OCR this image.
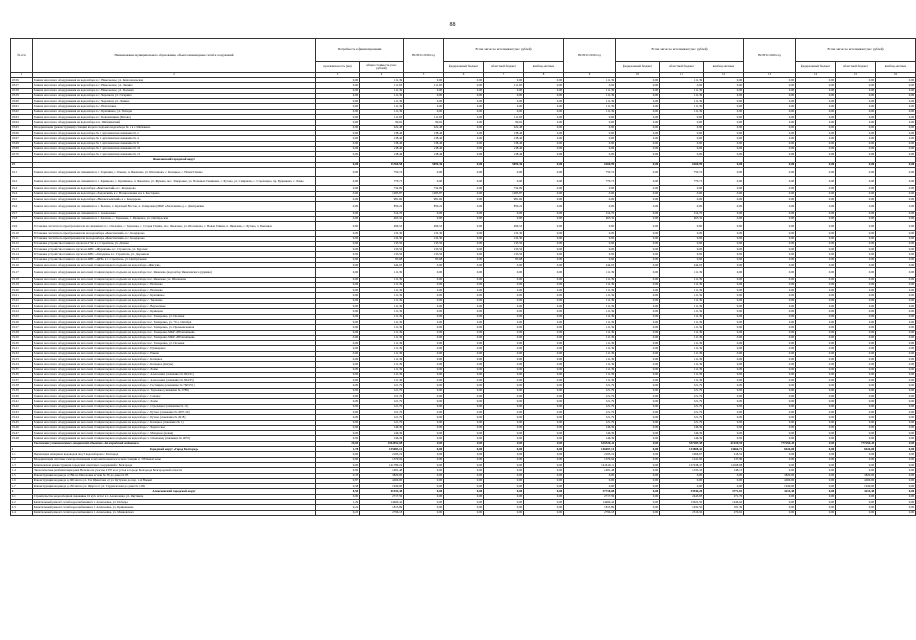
88
№ п/п	Наименование муниципального образования, объекта инженерных сетей и сооружений	Потребность в финансировании		ВСЕГО 2018 год	В том числе по источникам (тыс. рублей)			ВСЕГО 2019 год	В том числе по источникам (тыс. рублей)			ВСЕГО 2020 год	В том числе по источникам (тыс. рублей)		
		протяжён-ность (км)	общая стоимость (тыс. рублей)		федеральный бюджет	областной бюджет	внебюд-жетные		федеральный бюджет	областной бюджет	внебюд-жетные		федеральный бюджет	областной бюджет	внебюд-жетные
1	2	3	4	5	6	7	8	9	10	11	12	13	14	15	16
18.56	Замена насосного оборудования на водозаборе в с. Никольское, ул. Комсомольская	0,00	111,39	0,00	0,00	0,00	0,00	111,39	0,00	111,39	0,00	0,00	0,00	0,00	0,00
18.57	Замена насосного оборудования на водозаборе в с. Никольское, ул. Ленина	0,00	111,83	111,83	0,00	111,83	0,00	0,00	0,00	0,00	0,00	0,00	0,00	0,00	0,00
18.58	Замена насосного оборудования на водозаборе в с. Никольское, ул. Полевая	0,00	111,39	0,00	0,00	0,00	0,00	111,39	0,00	111,39	0,00	0,00	0,00	0,00	0,00
18.59	Замена насосного оборудования на водозаборе в с. Черемош, ул. Гагарина	0,00	111,39	0,00	0,00	0,00	0,00	111,39	0,00	111,39	0,00	0,00	0,00	0,00	0,00
18.60	Замена насосного оборудования на водозаборе в с. Черемош, ул. Ленина	0,00	111,39	0,00	0,00	0,00	0,00	111,39	0,00	111,39	0,00	0,00	0,00	0,00	0,00
18.61	Замена насосного оборудования на водозаборе в с. Нехотеевка	0,00	111,39	0,00	0,00	0,00	0,00	111,39	0,00	111,39	0,00	0,00	0,00	0,00	0,00
18.62	Замена насосного оборудования на водозаборе в с. Крапивное, ул. Победы	0,00	111,39	0,00	0,00	0,00	0,00	111,39	0,00	111,39	0,00	0,00	0,00	0,00	0,00
18.63	Замена насосного оборудования на водозаборе в с. Ковалевщина (Батово)	0,00	111,83	111,83	0,00	111,83	0,00	0,00	0,00	0,00	0,00	0,00	0,00	0,00	0,00
18.64	Замена насосного оборудования на водозаборе в п. Шебекинский	0,00	99,02	99,02	0,00	99,02	0,00	0,00	0,00	0,00	0,00	0,00	0,00	0,00	0,00
18.65	Модернизация (реконструкция) станции второго подъема водозабора № 1 в г. Шебекино	0,00	222,48	222,48	0,00	222,48	0,00	0,00	0,00	0,00	0,00	0,00	0,00	0,00	0,00
18.66	Замена насосного оборудования на водозаборе № 1 артезианская скважина № 2	0,00	138,46	138,46	0,00	138,46	0,00	0,00	0,00	0,00	0,00	0,00	0,00	0,00	0,00
18.67	Замена насосного оборудования на водозаборе № 1 артезианская скважина № 4	0,00	138,46	138,46	0,00	138,46	0,00	0,00	0,00	0,00	0,00	0,00	0,00	0,00	0,00
18.68	Замена насосного оборудования на водозаборе № 1 артезианская скважина № 8	0,00	138,46	138,46	0,00	138,46	0,00	0,00	0,00	0,00	0,00	0,00	0,00	0,00	0,00
18.69	Замена насосного оборудования на водозаборе № 1 артезианская скважина № 10	0,00	138,46	138,46	0,00	138,46	0,00	0,00	0,00	0,00	0,00	0,00	0,00	0,00	0,00
18.70	Замена насосного оборудования на водозаборе № 1 артезианская скважина № 12	0,00	138,46	138,46	0,00	138,46	0,00	0,00	0,00	0,00	0,00	0,00	0,00	0,00	0,00
	Яковлевский городской округ														
19		0,00	11360,58	5099,36	0,00	5099,36	0,00	6260,99	0,00	6260,99	0,00	0,00	0,00	0,00	0,00
19.1	Замена насосного оборудования на скважинах в с. Терновка, с. Раково, п. Яковлево, ул. Шалашова, с. Казацкое, с. Новая Глинка	0,00	750,74	0,00	0,00	0,00	0,00	750,74	0,00	750,74	0,00	0,00	0,00	0,00	0,00
19.2	Замена насосного оборудования на скважинах в с. Кривцово, с. Крапивное, п. Яковлево, ул. Жукова, пос. Томаровка, ул. Поповых-Тенишева, с. Бутово, ул. Смирнова, с. Стрелецкое, пр. Будникова, с. Ломы	0,00	770,73	0,00	0,00	0,00	0,00	770,73	0,00	770,73	0,00	0,00	0,00	0,00	0,00
19.3	Замена насосного оборудования на водозаборе «Бекетовский» в с. Кондарово	0,00	734,09	734,09	0,00	734,09	0,00	0,00	0,00	0,00	0,00	0,00	0,00	0,00	0,00
19.4	Замена насосного оборудования на водозаборе «Задонский» в с. Вознесеновка и в х. Костарево	0,00	1285,87	1285,87	0,00	1285,87	0,00	0,00	0,00	0,00	0,00	0,00	0,00	0,00	0,00
19.5	Замена насосного оборудования на водозаборе «Непонасьевский» в с. Кондарово	0,00	981,69	981,69	0,00	981,69	0,00	0,00	0,00	0,00	0,00	0,00	0,00	0,00	0,00
19.6	Замена насосного оборудования на скважинах в с. Быхань, х. Красный Восток, п. Томаровка (МКР «Лисичкино»), с. Дмитриевка	0,00	850,22	850,22	0,00	850,22	0,00	0,00	0,00	0,00	0,00	0,00	0,00	0,00	0,00
19.7	Замена насосного оборудования на скважинах в с. Алексеевка	0,00	314,70	0,00	0,00	0,00	0,00	314,70	0,00	314,70	0,00	0,00	0,00	0,00	0,00
19.8	Замена насосного оборудования на скважинах в с. Казачек, с. Терновые, с. Мощеное, ул. Октябрьская	0,00	463,32	0,00	0,00	0,00	0,00	463,32	0,00	463,32	0,00	0,00	0,00	0,00	0,00
19.9	Установка частотного преобразователя на скважинах в с. Ольховка, с. Терновка, с. Старая Глинка, пос. Яковлево, ул. Шалашова, с. Новая Глинка, п. Яковлево, с. Бутово, х. Быханьи	0,00	496,53	496,53	0,00	496,53	0,00	0,00	0,00	0,00	0,00	0,00	0,00	0,00	0,00
19.10	Установка частотного преобразователя на водозаборе «Бекетовский» в с. Кондарово	0,00	132,30	132,30	0,00	132,30	0,00	0,00	0,00	0,00	0,00	0,00	0,00	0,00	0,00
19.11	Установка частотного преобразователя на водозаборе «Бекетовский» в с. Кондарово	0,00	132,30	132,30	0,00	132,30	0,00	0,00	0,00	0,00	0,00	0,00	0,00	0,00	0,00
19.12	Установка устройства плавного пуска на ГЭС в г. Строитель, ул. Дачная	0,00	133,56	133,56	0,00	133,56	0,00	0,00	0,00	0,00	0,00	0,00	0,00	0,00	0,00
19.13	Установка устройства плавного пуска на КНС «Журавлик» в г. Строитель, ул. Курская	0,00	133,56	133,56	0,00	133,56	0,00	0,00	0,00	0,00	0,00	0,00	0,00	0,00	0,00
19.14	Установка устройства плавного пуска на КНС «Западная» в г. Строитель, ул. Дорожная	0,00	133,56	133,56	0,00	133,56	0,00	0,00	0,00	0,00	0,00	0,00	0,00	0,00	0,00
19.15	Установка устройства плавного пуска на КНС «ЦРБ» в г. Строитель, ул. Центральная	0,00	85,68	85,68	0,00	85,68	0,00	0,00	0,00	0,00	0,00	0,00	0,00	0,00	0,00
19.16	Замена насосного оборудования на насосной станции первого подъема на водозаборе «Жигули»	0,00	244,03	0,00	0,00	0,00	0,00	244,03	0,00	244,03	0,00	0,00	0,00	0,00	0,00
19.17	Замена насосного оборудования на насосной станции первого подъема на водозаборе пос. Яковлево (водозабор Яковлевского рудника)	0,00	111,39	0,00	0,00	0,00	0,00	111,39	0,00	111,39	0,00	0,00	0,00	0,00	0,00
19.18	Замена насосного оборудования на насосной станции первого подъема на водозаборе пос. Яковлево, ул. Шалашова	0,00	111,39	0,00	0,00	0,00	0,00	111,39	0,00	111,39	0,00	0,00	0,00	0,00	0,00
19.19	Замена насосного оборудования на насосной станции первого подъема на водозаборе с. Непхаево	0,00	111,39	0,00	0,00	0,00	0,00	111,39	0,00	111,39	0,00	0,00	0,00	0,00	0,00
19.20	Замена насосного оборудования на насосной станции первого подъема на водозаборе с. Непхаево	0,00	111,39	0,00	0,00	0,00	0,00	111,39	0,00	111,39	0,00	0,00	0,00	0,00	0,00
19.21	Замена насосного оборудования на насосной станции первого подъема на водозаборе с. Крапивное	0,00	111,39	0,00	0,00	0,00	0,00	111,39	0,00	111,39	0,00	0,00	0,00	0,00	0,00
19.22	Замена насосного оборудования на насосной станции первого подъема на водозаборе с. Терновка	0,00	111,39	0,00	0,00	0,00	0,00	111,39	0,00	111,39	0,00	0,00	0,00	0,00	0,00
19.23	Замена насосного оборудования на насосной станции первого подъема на водозаборе с. Верхопенье	0,00	111,39	0,00	0,00	0,00	0,00	111,39	0,00	111,39	0,00	0,00	0,00	0,00	0,00
19.24	Замена насосного оборудования на насосной станции первого подъема на водозаборе с. Кривцово	0,00	111,39	0,00	0,00	0,00	0,00	111,39	0,00	111,39	0,00	0,00	0,00	0,00	0,00
19.25	Замена насосного оборудования на насосной станции первого подъема на водозаборе пос. Томаровка, ул. Полевая	0,00	111,39	0,00	0,00	0,00	0,00	111,39	0,00	111,39	0,00	0,00	0,00	0,00	0,00
19.26	Замена насосного оборудования на насосной станции первого подъема на водозаборе пос. Томаровка, ул. 70 л. Октября	0,00	111,39	0,00	0,00	0,00	0,00	111,39	0,00	111,39	0,00	0,00	0,00	0,00	0,00
19.27	Замена насосного оборудования на насосной станции первого подъема на водозаборе пос. Томаровка, ул. Промышленная	0,00	111,39	0,00	0,00	0,00	0,00	111,39	0,00	111,39	0,00	0,00	0,00	0,00	0,00
19.28	Замена насосного оборудования на насосной станции первого подъема на водозаборе пос. Томаровка МКР «Юбилейный»	0,00	111,39	0,00	0,00	0,00	0,00	111,39	0,00	111,39	0,00	0,00	0,00	0,00	0,00
19.29	Замена насосного оборудования на насосной станции первого подъема на водозаборе пос. Томаровка МКР «Юбилейный»	0,00	111,39	0,00	0,00	0,00	0,00	111,39	0,00	111,39	0,00	0,00	0,00	0,00	0,00
19.30	Замена насосного оборудования на насосной станции первого подъема на водозаборе пос. Томаровка, ул. Полевая	0,00	111,39	0,00	0,00	0,00	0,00	111,39	0,00	111,39	0,00	0,00	0,00	0,00	0,00
19.31	Замена насосного оборудования на насосной станции первого подъема на водозаборе с. Пушкарное	0,00	111,39	0,00	0,00	0,00	0,00	111,39	0,00	111,39	0,00	0,00	0,00	0,00	0,00
19.32	Замена насосного оборудования на насосной станции первого подъема на водозаборе с. Раково	0,00	111,39	0,00	0,00	0,00	0,00	111,39	0,00	111,39	0,00	0,00	0,00	0,00	0,00
19.33	Замена насосного оборудования на насосной станции первого подъема на водозаборе с. Казацкое	0,00	111,39	0,00	0,00	0,00	0,00	111,39	0,00	111,39	0,00	0,00	0,00	0,00	0,00
19.34	Замена насосного оборудования на насосной станции первого подъема на водозаборе с. Казацкое (мегры)	0,00	111,39	0,00	0,00	0,00	0,00	111,39	0,00	111,39	0,00	0,00	0,00	0,00	0,00
19.35	Замена насосного оборудования на насосной станции первого подъема на водозаборе с. Ломы	0,00	111,39	0,00	0,00	0,00	0,00	111,39	0,00	111,39	0,00	0,00	0,00	0,00	0,00
19.36	Замена насосного оборудования на насосной станции первого подъема на водозаборе с. Алексеевка (скважина № 604/21)	0,00	111,39	0,00	0,00	0,00	0,00	111,39	0,00	111,39	0,00	0,00	0,00	0,00	0,00
19.37	Замена насосного оборудования на насосной станции первого подъема на водозаборе с. Алексеевка (скважина № 604/25)	0,00	111,39	0,00	0,00	0,00	0,00	111,39	0,00	111,39	0,00	0,00	0,00	0,00	0,00
19.38	Замена насосного оборудования на насосной станции первого подъема на водозаборе с. Гостищево (скважина № 7603/51)	0,00	121,79	0,00	0,00	0,00	0,00	121,79	0,00	121,79	0,00	0,00	0,00	0,00	0,00
19.39	Замена насосного оборудования на насосной станции первого подъема на водозаборе п. Терновка (скважина № 2788)	0,00	121,79	0,00	0,00	0,00	0,00	121,79	0,00	121,79	0,00	0,00	0,00	0,00	0,00
19.40	Замена насосного оборудования на насосной станции первого подъема на водозаборе с. Сажное	0,00	121,79	0,00	0,00	0,00	0,00	121,79	0,00	121,79	0,00	0,00	0,00	0,00	0,00
19.41	Замена насосного оборудования на насосной станции первого подъема на водозаборе с. Ломы	0,00	121,79	0,00	0,00	0,00	0,00	121,79	0,00	121,79	0,00	0,00	0,00	0,00	0,00
19.42	Замена насосного оборудования на насосной станции первого подъема на водозаборе с. Стрелецкое (скважина № 11)	0,00	121,79	0,00	0,00	0,00	0,00	121,79	0,00	121,79	0,00	0,00	0,00	0,00	0,00
19.43	Замена насосного оборудования на насосной станции первого подъема на водозаборе с. Бутово (скважина № 2007-29)	0,00	121,79	0,00	0,00	0,00	0,00	121,79	0,00	121,79	0,00	0,00	0,00	0,00	0,00
19.44	Замена насосного оборудования на насосной станции первого подъема на водозаборе с. Бутово (скважина № 2018)	0,00	121,79	0,00	0,00	0,00	0,00	121,79	0,00	121,79	0,00	0,00	0,00	0,00	0,00
19.45	Замена насосного оборудования на насосной станции первого подъема на водозаборе с. Казацкое (скважина № 1)	0,00	121,79	0,00	0,00	0,00	0,00	121,79	0,00	121,79	0,00	0,00	0,00	0,00	0,00
19.46	Замена насосного оборудования на насосной станции первого подъема на водозаборе с. Черкасское	0,00	146,39	0,00	0,00	0,00	0,00	146,39	0,00	146,39	0,00	0,00	0,00	0,00	0,00
19.47	Замена насосного оборудования на насосной станции первого подъема на водозаборе с. Мощеное (новая)	0,00	146,39	0,00	0,00	0,00	0,00	146,39	0,00	146,39	0,00	0,00	0,00	0,00	0,00
19.48	Замена насосного оборудования на насосной станции первого подъема на водозаборе х. Ольшанец (скважина № 4055)	0,00	146,39	0,00	0,00	0,00	0,00	146,39	0,00	146,39	0,00	0,00	0,00	0,00	0,00
	Увеличение установленных мощностей объектов «Белгородский водоканал»	19,90	1394654,98	0,00	0,00	0,00	0,00	619526,44	0,00	537485,38	61918,59	777499,40	0,00	777499,40	0,00
1	Городской округ «Город Белгород»	1,78	155083,14	0,00	0,00	0,00	0,00	146697,14	0,00	133808,42	14666,72	8426,00	0,00	8426,00	0,00
1.1	Перекладка напорных водоводов под 5 водозабором с. Белгород	0,00	2185,19	0,00	0,00	0,00	0,00	2185,19	0,00	1966,67	218,52	0,00	0,00	0,00	0,00
1.2	Модернизация системы электроснабжения и автоматизации насосной станции 2, 3 Южной зоны	0,00	1379,94	0,00	0,00	0,00	0,00	1379,94	0,00	1241,95	137,99	0,00	0,00	0,00	0,00
1.3	Комплексная реконструкция городских очистных сооружений г. Белгорода	0,00	141789,19	0,00	0,00	0,00	0,00	141610,11	0,00	127438,47	14168,08	0,00	0,00	0,00	0,00
1.4	Экологическая реабилитация реки Везелка на участке 2370 м от устья в городе Белгороде Белгородской области	0,00	1481,48	0,00	0,00	0,00	0,00	1481,48	0,00	1333,33	148,15	0,00	0,00	0,00	0,00
1.5	Реконструкция водовода от ВК на Пиголовка и/ или № 36 до дома № 85	0,33	3820,00	0,00	0,00	0,00	0,00	0,00	0,00	0,00	0,00	3820,00	0,00	3820,00	0,00
1.6	Реконструкция водовода д.100 мм по ул. Газ Щекобова от ул. Кутузова до пер. 1-й Новый	0,87	4260,00	0,00	0,00	0,00	0,00	0,00	0,00	0,00	0,00	4260,00	0,00	4260,00	0,00
1.7	Реконструкция водовода д.150 мм по ул. Щорса от ул. Студенческая до дома № 118а	0,58	1040,00	0,00	0,00	0,00	0,00	0,00	0,00	0,00	0,00	1040,00	0,00	1040,00	0,00
2	Алексеевский городской округ	8,50	41932,48	0,00	0,00	0,00	0,00	37718,08	0,00	33946,28	3771,81	4214,40	0,00	4214,40	0,00
2.1	Строительство водозаборной скважины 16 куб. м/час в г. Алексеевка, ул. Якуткина	0,00	2717,59	0,00	0,00	0,00	0,00	2717,59	0,00	2445,83	271,76	0,00	0,00	0,00	0,00
2.2	Капитальный ремонт сетей водоснабжения в г. Алексеевка, ул. Победы	1,29	14469,44	0,00	0,00	0,00	0,00	14469,44	0,00	13022,50	1446,94	0,00	0,00	0,00	0,00
2.3	Капитальный ремонт сетей водоснабжения в г. Алексеевка, ул. Кривошеева	0,24	1813,89	0,00	0,00	0,00	0,00	1813,89	0,00	1632,50	181,39	0,00	0,00	0,00	0,00
2.4	Капитальный ремонт сетей водоснабжения в г. Алексеевка, ул. Маяковского	0,23	2796,18	0,00	0,00	0,00	0,00	2796,18	0,00	2516,56	279,62	0,00	0,00	0,00	0,00
